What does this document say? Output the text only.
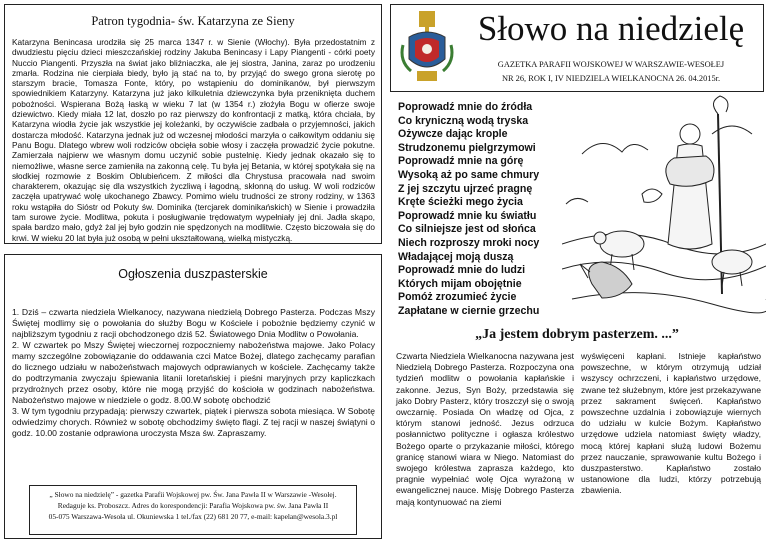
Patron tygodnia- św. Katarzyna ze Sieny
Katarzyna Benincasa urodziła się 25 marca 1347 r. w Sienie (Włochy). Była przedostatnim z dwudziestu pięciu dzieci mieszczańskiej rodziny Jakuba Benincasy i Lapy Piangenti - córki poety Nuccio Piangenti. Przyszła na świat jako bliźniaczka, ale jej siostra, Janina, zaraz po urodzeniu zmarła. Rodzina nie cierpiała biedy, było ją stać na to, by przyjąć do swego grona sierotę po starszym bracie, Tomasza Fonte, który, po wstąpieniu do dominikanów, był pierwszym spowiednikiem Katarzyny. Katarzyna już jako kilkuletnia dziewczynka była przeniknięta duchem pobożności. Wspierana Bożą łaską w wieku 7 lat (w 1354 r.) złożyła Bogu w ofierze swoje dziewictwo. Kiedy miała 12 lat, doszło po raz pierwszy do konfrontacji z matką, która chciała, by Katarzyna wiodła życie jak wszystkie jej koleżanki, by oczywiście zadbała o przyjemności, jakich dostarcza młodość. Katarzyna jednak już od wczesnej młodości marzyła o całkowitym oddaniu się Panu Bogu. Dlatego wbrew woli rodziców obcięła sobie włosy i zaczęła prowadzić życie pokutne. Zamierzała najpierw we własnym domu uczynić sobie pustelnię. Kiedy jednak okazało się to niemożliwe, własne serce zamieniła na zakonną celę. Tu była jej Betania, w której spotykała się na słodkiej rozmowie z Boskim Oblubieńcem. Z miłości dla Chrystusa pracowała nad swoim charakterem, okazując się dla wszystkich życzliwą i łagodną, skłonną do usług. W woli rodziców zaczęła upatrywać wolę ukochanego Zbawcy. Pomimo wielu trudności ze strony rodziny, w 1363 roku wstąpiła do Sióstr od Pokuty św. Dominika (tercjarek dominikańskich) w Sienie i prowadziła tam surowe życie. Modlitwa, pokuta i posługiwanie trędowatym wypełniały jej dni. Jadła skąpo, spała bardzo mało, gdyż żal jej było godzin nie spędzonych na modlitwie. Często biczowała się do krwi. W wieku 20 lat była już osobą w pełni ukształtowaną, wielką mistyczką.
Ogłoszenia duszpasterskie
1. Dziś – czwarta niedziela Wielkanocy, nazywana niedzielą Dobrego Pasterza. Podczas Mszy Świętej modlimy się o powołania do służby Bogu w Kościele i pobożnie będziemy czynić w najbliższym tygodniu z racji obchodzonego dziś 52. Światowego Dnia Modlitw o Powołania.
2. W czwartek po Mszy Świętej wieczornej rozpoczniemy nabożeństwa majowe. Jako Polacy mamy szczególne zobowiązanie do oddawania czci Matce Bożej, dlatego zachęcamy parafian do licznego udziału w nabożeństwach majowych odprawianych w kościele. Zachęcamy także do podtrzymania zwyczaju śpiewania litanii loretańskiej i pieśni maryjnych przy kapliczkach przydrożnych przez osoby, które nie mogą przyjść do kościoła w godzinach nabożeństwa. Nabożeństwo majowe w niedziele o godz. 8.00.W sobotę obchodzić
3. W tym tygodniu przypadają: pierwszy czwartek, piątek i pierwsza sobota miesiąca. W Sobotę odwiedzimy chorych. Również w sobotę obchodzimy święto flagi. Z tej racji w naszej świątyni o godz. 10.00 zostanie odprawiona uroczysta Msza św. Zapraszamy.
„ Słowo na niedzielę” - gazetka Parafii Wojskowej pw. Św. Jana Pawła II w Warszawie -Wesołej.
Redaguje ks. Proboszcz. Adres do korespondencji: Parafia Wojskowa pw. św. Jana Pawła II
05-075 Warszawa-Wesoła ul. Okuniewska 1 tel./fax (22) 681 20 77, e-mail: kapelan@wesola.3.pl
Słowo na niedzielę
GAZETKA PARAFII WOJSKOWEJ W WARSZAWIE-WESOŁEJ
NR 26, ROK I, IV NIEDZIELA WIELKANOCNA 26. 04.2015r.
Poprowadź mnie do źródła
Co kryniczną wodą tryska
Ożywcze dając krople
Strudzonemu pielgrzymowi
Poprowadź mnie na górę
Wysoką aż po same chmury
Z jej szczytu ujrzeć pragnę
Kręte ścieżki mego życia
Poprowadź mnie ku światłu
Co silniejsze jest od słońca
Niech rozproszy mroki nocy
Władającej moją duszą
Poprowadź mnie do ludzi
Których mijam obojętnie
Pomóż zrozumieć życie
Zapłatane w ciernie grzechu
„Ja jestem dobrym pasterzem. ...”
Czwarta Niedziela Wielkanocna nazywana jest Niedzielą Dobrego Pasterza. Rozpoczyna ona tydzień modlitw o powołania kapłańskie i zakonne. Jezus, Syn Boży, przedstawia się jako Dobry Pasterz, który troszczył się o swoją owczarnię. Posiada On władzę od Ojca, z którym stanowi jedność. Jezus odrzuca posłannictwo polityczne i ogłasza królestwo Bożego oparte o przykazanie miłości, którego granicę stanowi wiara w Niego. Natomiast do swojego królestwa zaprasza każdego, kto pragnie wypełniać wolę Ojca wyrażoną w ewangelicznej nauce. Misję Dobrego Pasterza mają kontynuować na ziemi
wyświęceni kapłani. Istnieje kapłaństwo powszechne, w którym otrzymują udział wszyscy ochrzczeni, i kapłaństwo urzędowe, zwane też służebnym, które jest przekazywane przez sakrament święceń. Kapłaństwo powszechne uzdalnia i zobowiązuje wiernych do udziału w kulcie Bożym. Kapłaństwo urzędowe udziela natomiast święty władzy, mocą której kapłani służą ludowi Bożemu przez nauczanie, sprawowanie kultu Bożego i duszpasterstwo. Kapłaństwo zostało ustanowione dla ludzi, którzy potrzebują zbawienia.
